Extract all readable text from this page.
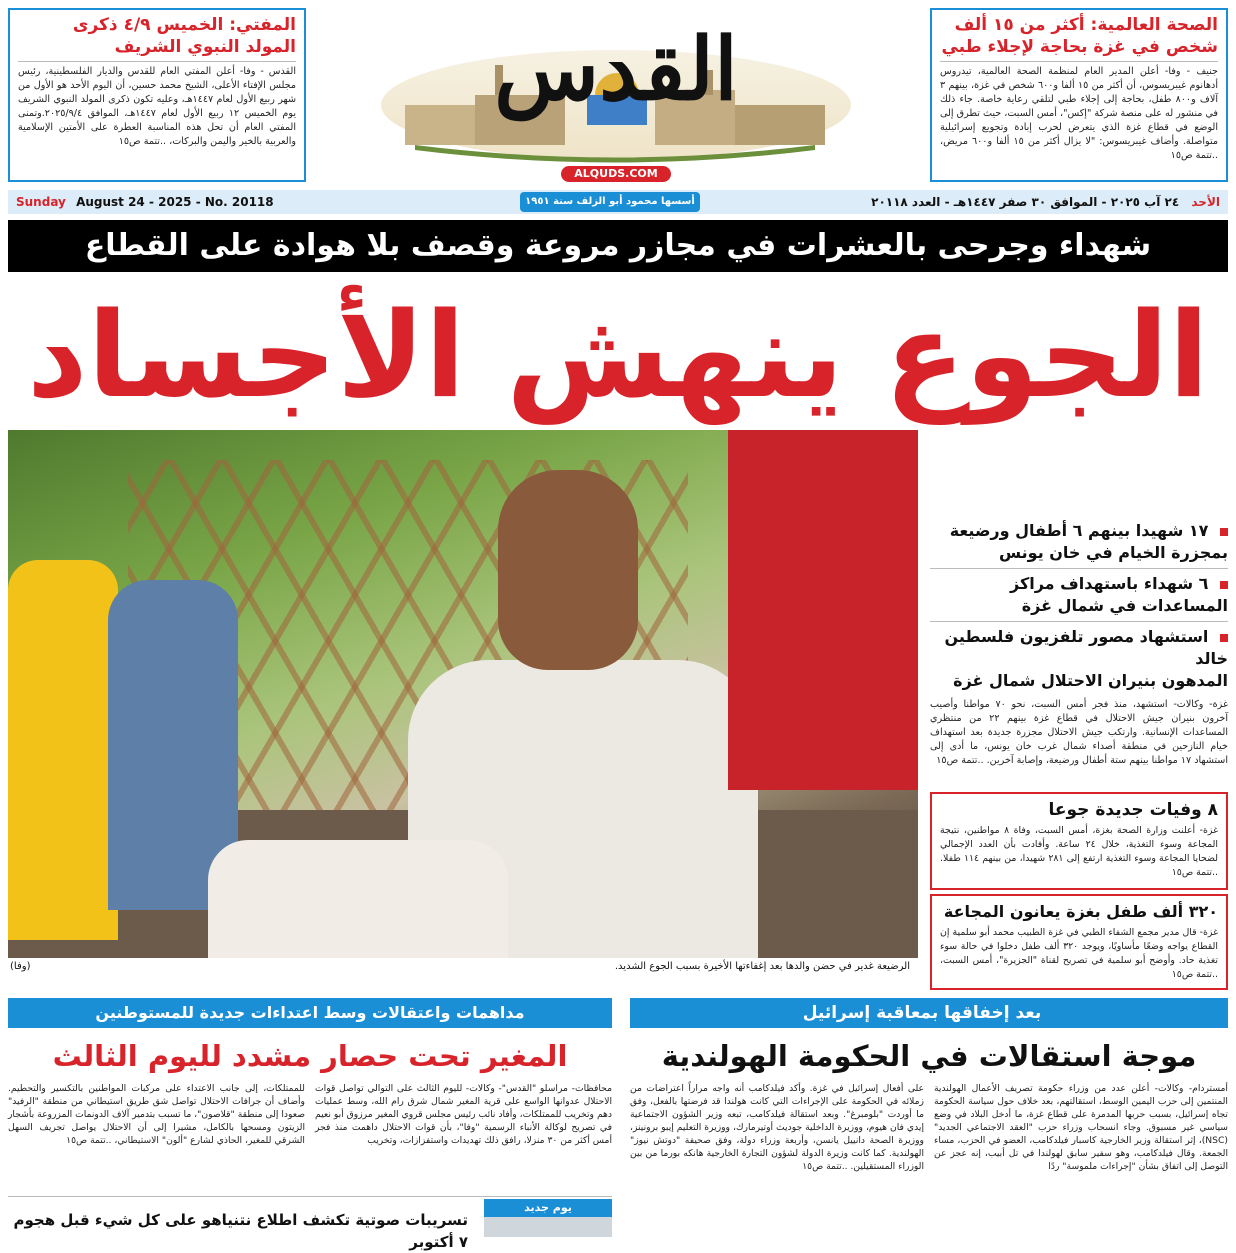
الصحة العالمية: أكثر من ١٥ ألف
شخص في غزة بحاجة لإجلاء طبي
جنيف - وفا- أعلن المدير العام لمنظمة الصحة العالمية، تيدروس أدهانوم غيبريسوس، أن أكثر من ١٥ ألفا و٦٠٠ شخص في غزة، بينهم ٣ آلاف و٨٠٠ طفل، بحاجة إلى إجلاء طبي لتلقي رعاية خاصة. جاء ذلك في منشور له على منصة شركة "إكس"، أمس السبت، حيث تطرق إلى الوضع في قطاع غزة الذي يتعرض لحرب إبادة وتجويع إسرائيلية متواصلة. وأضاف غيبريسوس: "لا يزال أكثر من ١٥ ألفا و٦٠٠ مريض، ..تتمة ص١٥
المفتي: الخميس ٤/٩ ذكرى
المولد النبوي الشريف
القدس - وفا- أعلن المفتي العام للقدس والديار الفلسطينية، رئيس مجلس الإفتاء الأعلى، الشيخ محمد حسين، أن اليوم الأحد هو الأول من شهر ربيع الأول لعام ١٤٤٧هـ، وعليه تكون ذكرى المولد النبوي الشريف يوم الخميس ١٢ ربيع الأول لعام ١٤٤٧هـ، الموافق ٢٠٢٥/٩/٤.وتمنى المفتي العام أن تحل هذه المناسبة العطرة على الأمتين الإسلامية والعربية بالخير واليمن والبركات، ..تتمة ص١٥
القدس
ALQUDS.COM
Sunday August 24 - 2025 - No. 20118	أسسها محمود أبو الزلف سنة ١٩٥١	الأحد ٢٤ آب ٢٠٢٥ - الموافق ٣٠ صفر ١٤٤٧هـ - العدد ٢٠١١٨
شهداء وجرحى بالعشرات في مجازر مروعة وقصف بلا هوادة على القطاع
الجوع ينهش الأجساد
الرضيعة غدير في حضن والدها بعد إغفاءتها الأخيرة بسبب الجوع الشديد.
(وفا)
١٧ شهيدا بينهم ٦ أطفال ورضيعة
بمجزرة الخيام في خان يونس
٦ شهداء باستهداف مراكز
المساعدات في شمال غزة
استشهاد مصور تلفزيون فلسطين خالد
المدهون بنيران الاحتلال شمال غزة
غزة- وكالات- استشهد، منذ فجر أمس السبت، نحو ٧٠ مواطنا وأصيب آخرون بنيران جيش الاحتلال في قطاع غزة بينهم ٢٢ من منتظري المساعدات الإنسانية. وارتكب جيش الاحتلال مجزرة جديدة بعد استهداف خيام النازحين في منطقة أصداء شمال غرب خان يونس، ما أدى إلى استشهاد ١٧ مواطنا بينهم ستة أطفال ورضيعة، وإصابة آخرين. ..تتمة ص١٥
٨ وفيات جديدة جوعا
غزة- أعلنت وزارة الصحة بغزة، أمس السبت، وفاة ٨ مواطنين، نتيجة المجاعة وسوء التغذية، خلال ٢٤ ساعة. وأفادت بأن العدد الإجمالي لضحايا المجاعة وسوء التغذية ارتفع إلى ٢٨١ شهيدا، من بينهم ١١٤ طفلا. ..تتمة ص١٥
٣٢٠ ألف طفل بغزة يعانون المجاعة
غزة- قال مدير مجمع الشفاء الطبي في غزة الطبيب محمد أبو سلمية إن القطاع يواجه وضعًا مأساويًا، ويوجد ٣٢٠ ألف طفل دخلوا في حالة سوء تغذية حاد. وأوضح أبو سلمية في تصريح لقناة "الجزيرة"، أمس السبت، ..تتمة ص١٥
بعد إخفاقها بمعاقبة إسرائيل
موجة استقالات في الحكومة الهولندية
أمستردام- وكالات- أعلن عدد من وزراء حكومة تصريف الأعمال الهولندية المنتمين إلى حزب اليمين الوسط، استقالتهم، بعد خلاف حول سياسة الحكومة تجاه إسرائيل، بسبب حربها المدمرة على قطاع غزة، ما أدخل البلاد في وضع سياسي غير مسبوق. وجاء انسحاب وزراء حزب "العقد الاجتماعي الجديد" (NSC)، إثر استقالة وزير الخارجية كاسبار فيلدكامب، العضو في الحزب، مساء الجمعة. وقال فيلدكامب، وهو سفير سابق لهولندا في تل أبيب، إنه عجز عن التوصل إلى اتفاق بشأن "إجراءات ملموسة" ردًا
على أفعال إسرائيل في غزة. وأكد فيلدكامب أنه واجه مراراً اعتراضات من زملائه في الحكومة على الإجراءات التي كانت هولندا قد فرضتها بالفعل، وفق ما أوردت "بلومبرغ". وبعد استقالة فيلدكامب، تبعه وزير الشؤون الاجتماعية إيدي فان هيوم، ووزيرة الداخلية جوديث أوتيرمارك، ووزيرة التعليم إيبو برونينز، ووزيرة الصحة دانييل يانسن، وأربعة وزراء دولة، وفق صحيفة "دوتش نيوز" الهولندية. كما كانت وزيرة الدولة لشؤون التجارة الخارجية هانكه بورما من بين الوزراء المستقيلين. ..تتمة ص١٥
مداهمات واعتقالات وسط اعتداءات جديدة للمستوطنين
المغير تحت حصار مشدد لليوم الثالث
محافظات- مراسلو "القدس"- وكالات- لليوم الثالث على التوالي تواصل قوات الاحتلال عدوانها الواسع على قرية المغير شمال شرق رام الله، وسط عمليات دهم وتخريب للممتلكات، وأفاد نائب رئيس مجلس قروي المغير مرزوق أبو نعيم في تصريح لوكالة الأنباء الرسمية "وفا"، بأن قوات الاحتلال داهمت منذ فجر أمس أكثر من ٣٠ منزلا، رافق ذلك تهديدات واستفزازات، وتخريب
للممتلكات، إلى جانب الاعتداء على مركبات المواطنين بالتكسير والتحطيم. وأضاف أن جرافات الاحتلال تواصل شق طريق استيطاني من منطقة "الرفيد" صعودا إلى منطقة "قلاصون"، ما تسبب بتدمير آلاف الدونمات المزروعة بأشجار الزيتون ومسحها بالكامل، مشيرا إلى أن الاحتلال يواصل تجريف السهل الشرقي للمغير، الحاذي لشارع "ألون" الاستيطاني، ..تتمة ص١٥
يوم جديد
تسريبات صوتية تكشف اطلاع نتنياهو على كل شيء قبل هجوم ٧ أكتوبر
